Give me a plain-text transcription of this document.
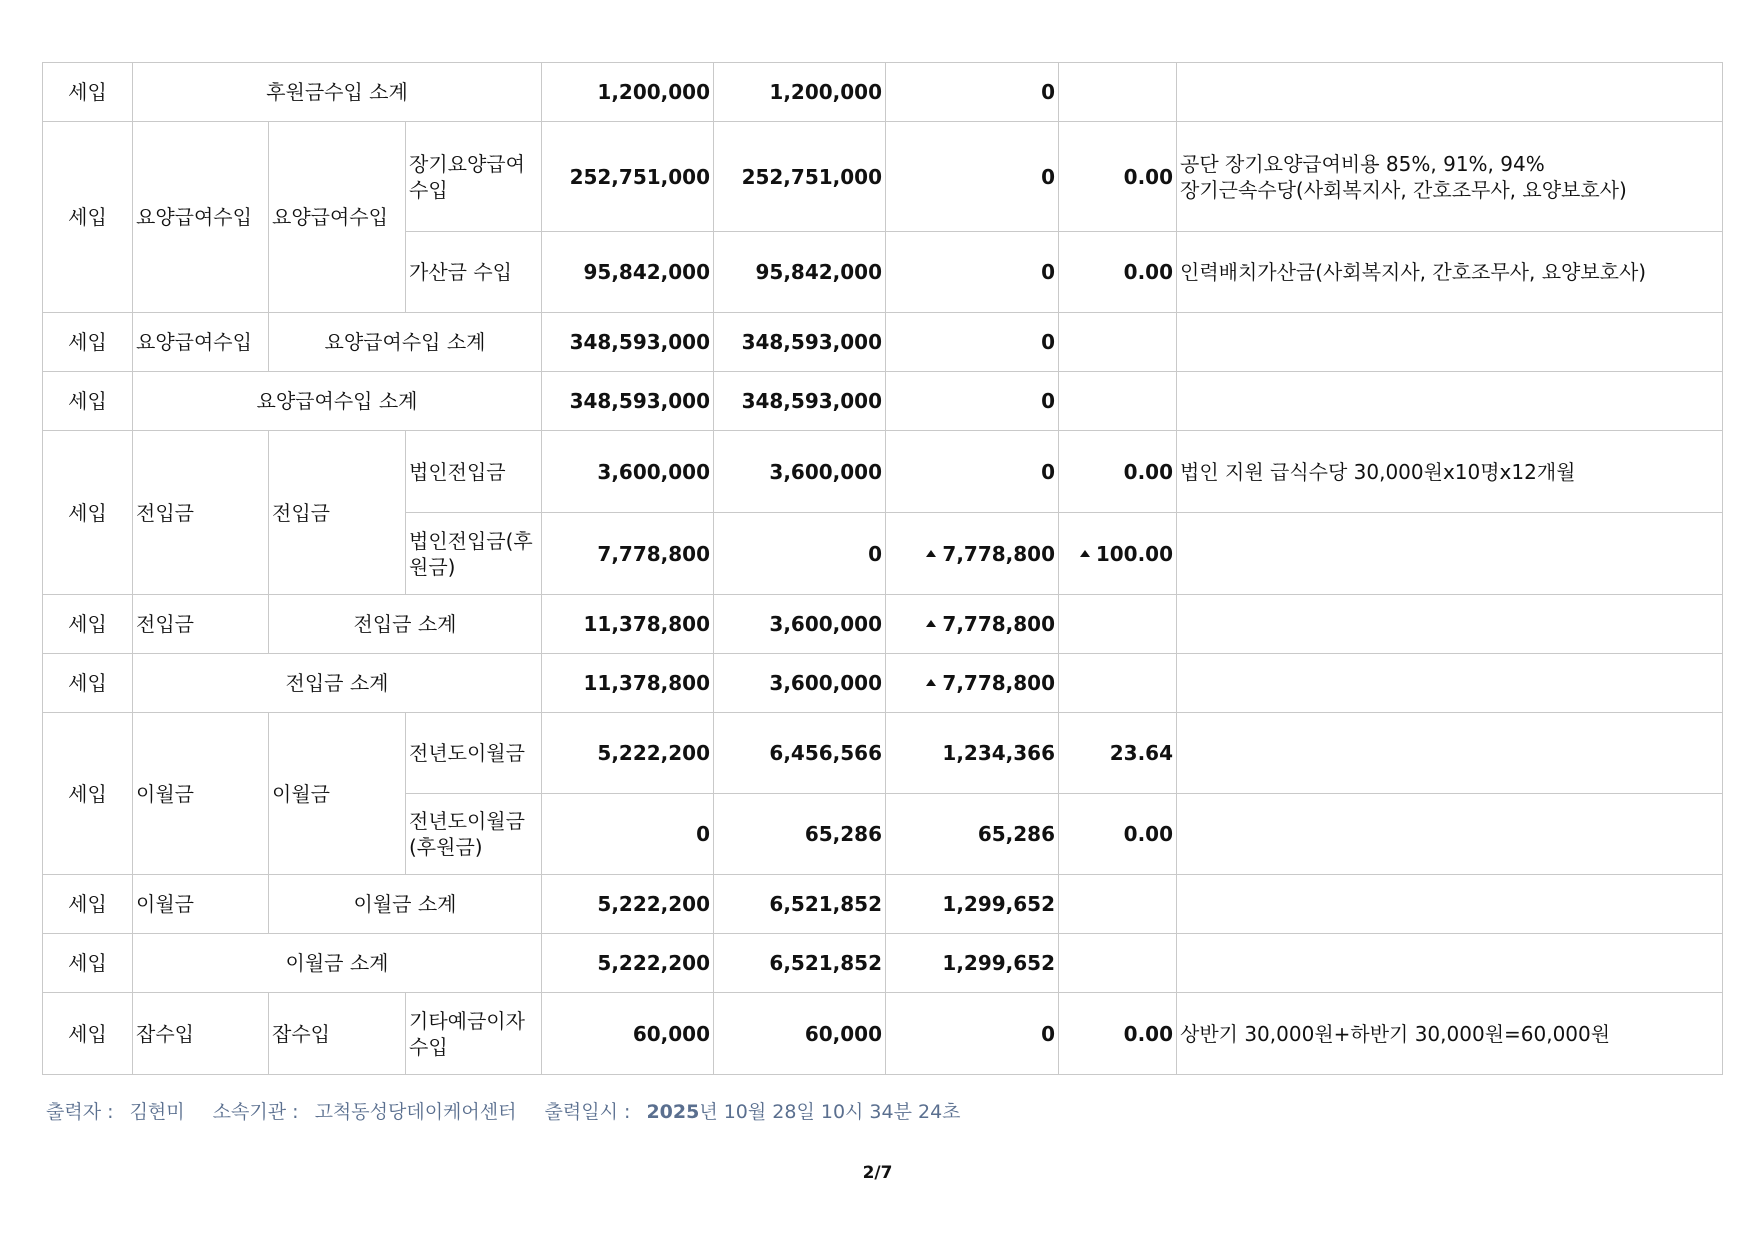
세입	후원금수입 소계			1,200,000	1,200,000	0		
세입	요양급여수입	요양급여수입	장기요양급여수입	252,751,000	252,751,000	0	0.00	공단 장기요양급여비용 85%, 91%, 94%
장기근속수당(사회복지사, 간호조무사, 요양보호사)

			가산금 수입	95,842,000	95,842,000	0	0.00	인력배치가산금(사회복지사, 간호조무사, 요양보호사)

세입	요양급여수입	요양급여수입 소계		348,593,000	348,593,000	0		
세입	요양급여수입 소계			348,593,000	348,593,000	0		
세입	전입금	전입금	법인전입금	3,600,000	3,600,000	0	0.00	법인 지원 급식수당 30,000원x10명x12개월

			법인전입금(후원금)	7,778,800	0	7,778,800	100.00	
세입	전입금	전입금 소계		11,378,800	3,600,000	7,778,800		
세입	전입금 소계			11,378,800	3,600,000	7,778,800		
세입	이월금	이월금	전년도이월금	5,222,200	6,456,566	1,234,366	23.64	
			전년도이월금(후원금)	0	65,286	65,286	0.00	
세입	이월금	이월금 소계		5,222,200	6,521,852	1,299,652		
세입	이월금 소계			5,222,200	6,521,852	1,299,652		
세입	잡수입	잡수입	기타예금이자수입	60,000	60,000	0	0.00	상반기 30,000원+하반기 30,000원=60,000원
출력자 : 김현미 소속기관 : 고척동성당데이케어센터 출력일시 : 2025년 10월 28일 10시 34분 24초
2/7
